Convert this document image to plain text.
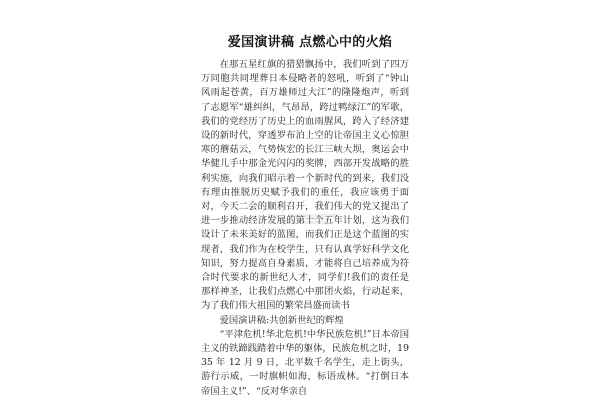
爱国演讲稿 点燃心中的火焰

在那五星红旗的猎猎飘扬中，我们听到了四万万同胞共同埋葬日本侵略者的怒吼，听到了“钟山风雨起苍黄，百万雄师过大江”的隆隆炮声，听到了志愿军“雄纠纠，气昂昂，跨过鸭绿江”的军歌，我们的党经历了历史上的血雨腥风，跨入了经济建设的新时代，穿透罗布泊上空的让帝国主义心惊胆寒的蘑菇云，气势恢宏的长江三峡大坝，奥运会中华健儿手中那金光闪闪的奖牌，西部开发战略的胜利实施，向我们昭示着一个新时代的到来，我们没有理由推脱历史赋予我们的重任，我应该勇于面对，今天二会的顺利召开，我们伟大的党又提出了进一步推动经济发展的第十个五年计划，这为我们设计了未来美好的蓝图，而我们正是这个蓝图的实现者，我们作为在校学生，只有认真学好科学文化知识，努力提高自身素质，才能将自己培养成为符合时代要求的新世纪人才，同学们!我们的责任是那样神圣，让我们点燃心中那团火焰，行动起来，为了我们伟大祖国的繁荣昌盛而读书

爱国演讲稿:共创新世纪的辉煌

“平津危机!华北危机!中华民族危机!”日本帝国主义的铁蹄践踏着中华的躯体，民族危机之时，1935 年 12 月 9 日，北平数千名学生，走上街头，游行示威，一时旗帜如海，标语成林。“打倒日本帝国主义!”、“反对华亲自
